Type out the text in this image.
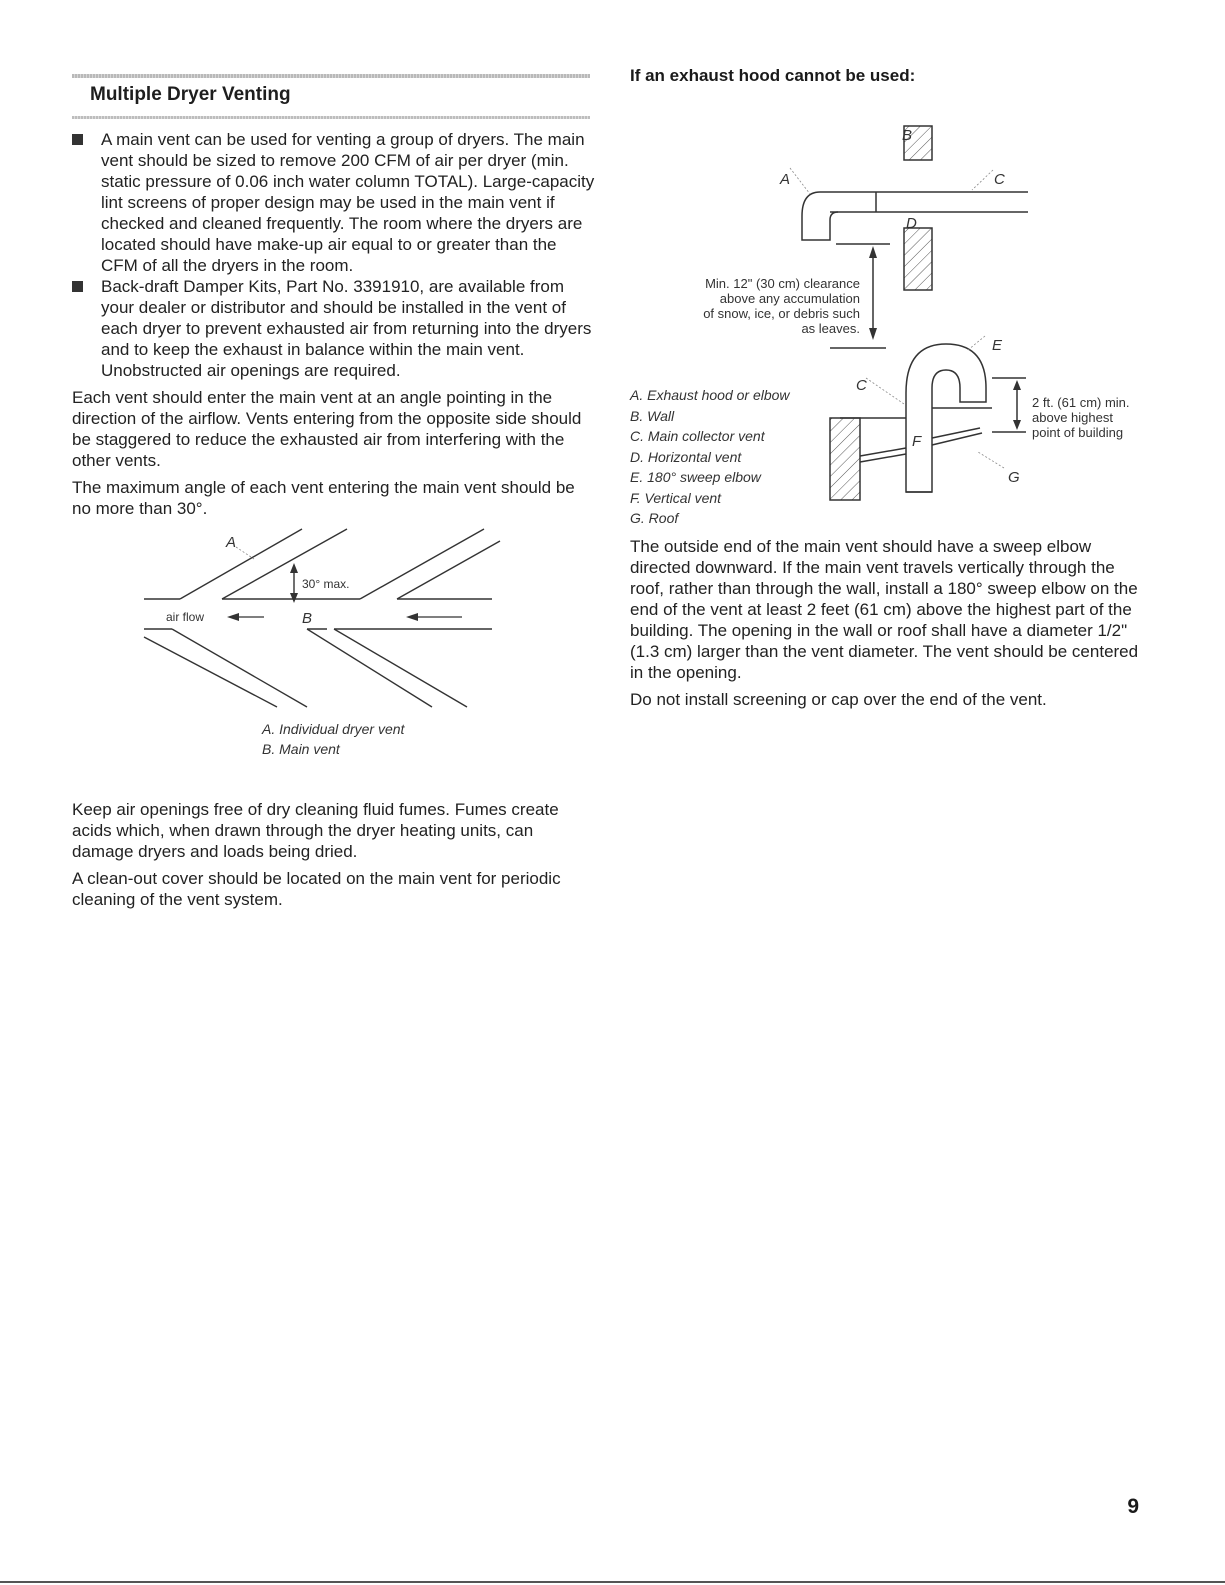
Multiple Dryer Venting
A main vent can be used for venting a group of dryers. The main vent should be sized to remove 200 CFM of air per dryer (min. static pressure of 0.06 inch water column TOTAL). Large-capacity lint screens of proper design may be used in the main vent if checked and cleaned frequently. The room where the dryers are located should have make-up air equal to or greater than the CFM of all the dryers in the room.
Back-draft Damper Kits, Part No. 3391910, are available from your dealer or distributor and should be installed in the vent of each dryer to prevent exhausted air from returning into the dryers and to keep the exhaust in balance within the main vent. Unobstructed air openings are required.

Each vent should enter the main vent at an angle pointing in the direction of the airflow. Vents entering from the opposite side should be staggered to reduce the exhausted air from interfering with the other vents.

The maximum angle of each vent entering the main vent should be no more than 30°.

A
30° max.
air flow	B
A. Individual dryer vent
B. Main vent

Keep air openings free of dry cleaning fluid fumes. Fumes create acids which, when drawn through the dryer heating units, can damage dryers and loads being dried.

A clean-out cover should be located on the main vent for periodic cleaning of the vent system.

If an exhaust hood cannot be used:
B
A	C
D
E
C
F
G
Min. 12" (30 cm) clearance
above any accumulation
of snow, ice, or debris such
as leaves.
2 ft. (61 cm) min.
above highest
point of building
A. Exhaust hood or elbow
B. Wall
C. Main collector vent
D. Horizontal vent
E. 180° sweep elbow
F. Vertical vent
G. Roof

The outside end of the main vent should have a sweep elbow directed downward. If the main vent travels vertically through the roof, rather than through the wall, install a 180° sweep elbow on the end of the vent at least 2 feet (61 cm) above the highest part of the building. The opening in the wall or roof shall have a diameter 1/2" (1.3 cm) larger than the vent diameter. The vent should be centered in the opening.

Do not install screening or cap over the end of the vent.

9
